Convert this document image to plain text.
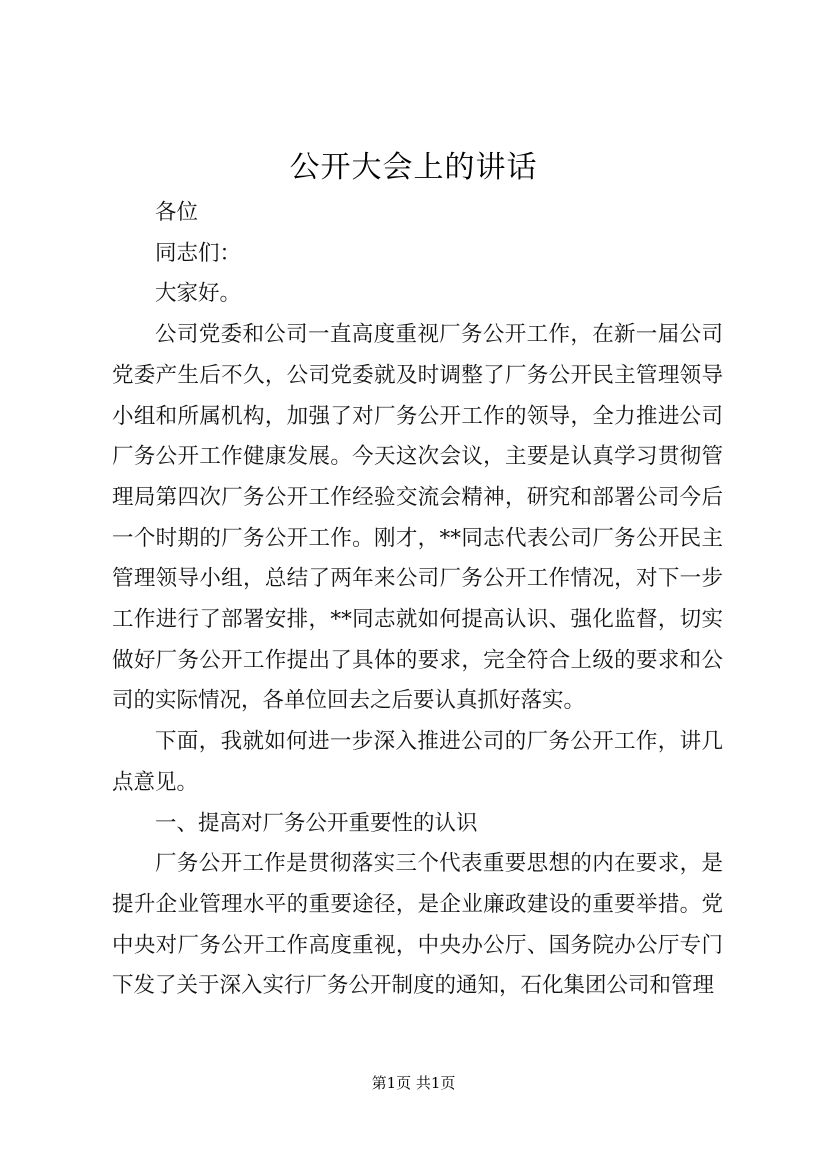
公开大会上的讲话

各位

同志们：

大家好。

公司党委和公司一直高度重视厂务公开工作，在新一届公司党委产生后不久，公司党委就及时调整了厂务公开民主管理领导小组和所属机构，加强了对厂务公开工作的领导，全力推进公司厂务公开工作健康发展。今天这次会议，主要是认真学习贯彻管理局第四次厂务公开工作经验交流会精神，研究和部署公司今后一个时期的厂务公开工作。刚才，**同志代表公司厂务公开民主管理领导小组，总结了两年来公司厂务公开工作情况，对下一步工作进行了部署安排，**同志就如何提高认识、强化监督，切实做好厂务公开工作提出了具体的要求，完全符合上级的要求和公司的实际情况，各单位回去之后要认真抓好落实。

下面，我就如何进一步深入推进公司的厂务公开工作，讲几点意见。

一、提高对厂务公开重要性的认识

厂务公开工作是贯彻落实三个代表重要思想的内在要求，是提升企业管理水平的重要途径，是企业廉政建设的重要举措。党中央对厂务公开工作高度重视，中央办公厅、国务院办公厅专门下发了关于深入实行厂务公开制度的通知，石化集团公司和管理

第1页 共1页
